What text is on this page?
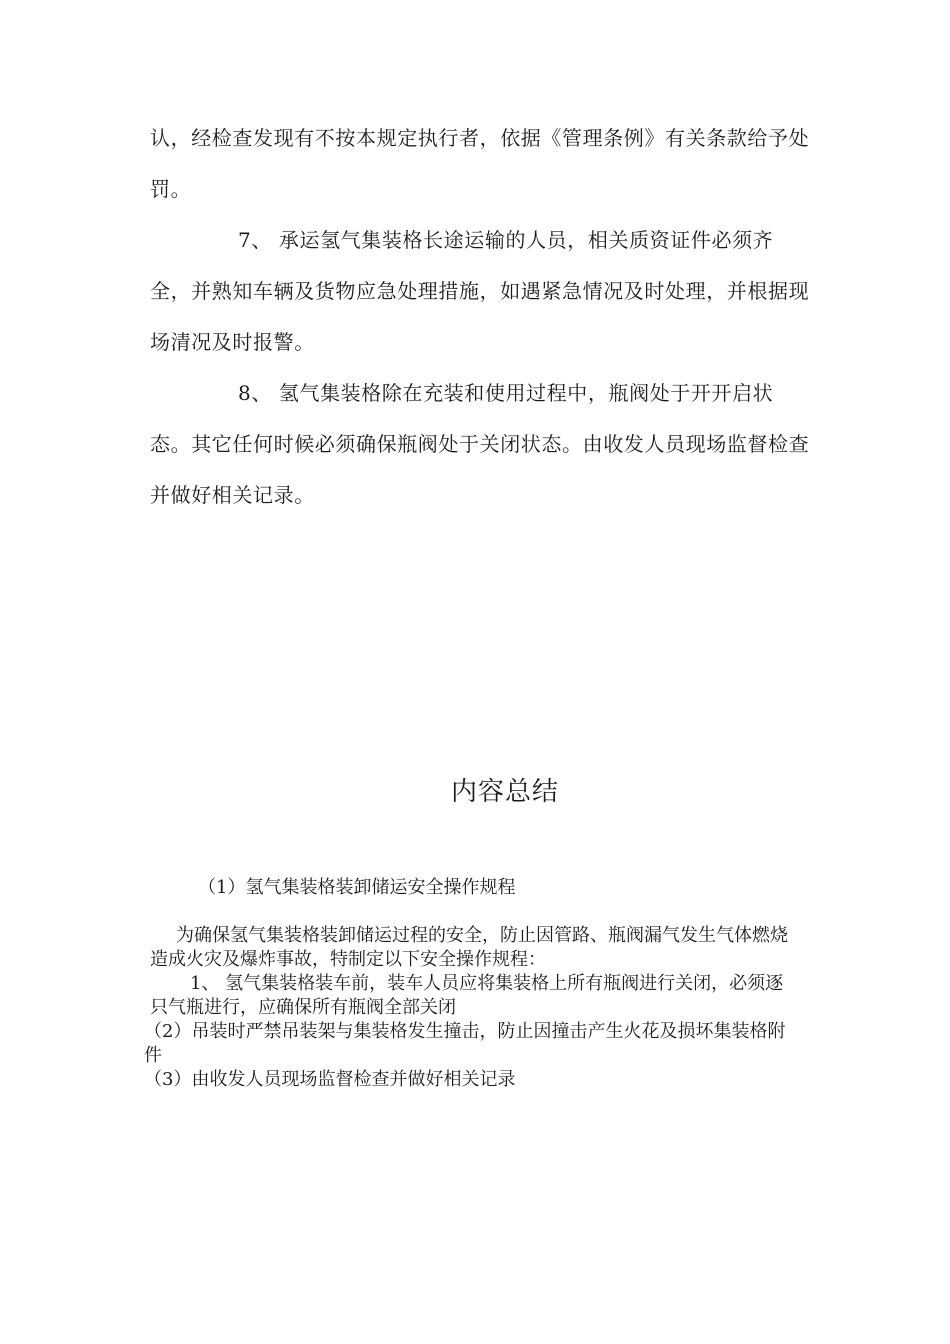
认，经检查发现有不按本规定执行者，依据《管理条例》有关条款给予处罚。

7、 承运氢气集装格长途运输的人员，相关质资证件必须齐全，并熟知车辆及货物应急处理措施，如遇紧急情况及时处理，并根据现场清况及时报警。

8、 氢气集装格除在充装和使用过程中，瓶阀处于开开启状态。其它任何时候必须确保瓶阀处于关闭状态。由收发人员现场监督检查并做好相关记录。

内容总结

（1）氢气集装格装卸储运安全操作规程

为确保氢气集装格装卸储运过程的安全，防止因管路、瓶阀漏气发生气体燃烧造成火灾及爆炸事故，特制定以下安全操作规程：

1、 氢气集装格装车前，装车人员应将集装格上所有瓶阀进行关闭，必须逐只气瓶进行，应确保所有瓶阀全部关闭

（2）吊装时严禁吊装架与集装格发生撞击，防止因撞击产生火花及损坏集装格附件

（3）由收发人员现场监督检查并做好相关记录
